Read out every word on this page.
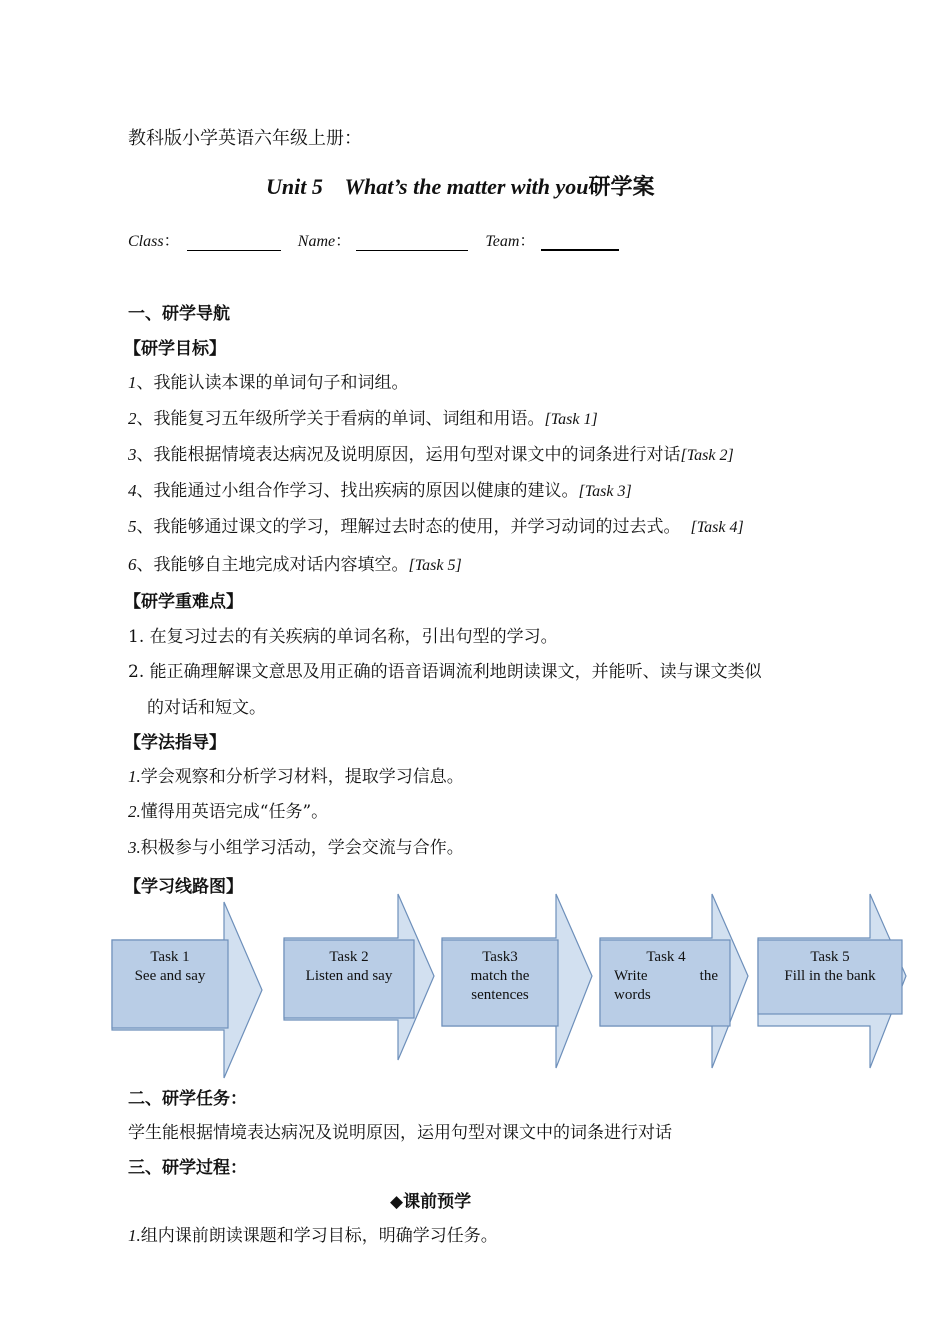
教科版小学英语六年级上册：
Unit 5    What’s the matter with you研学案
Class：	Name：	Team：
一、研学导航
【研学目标】
1、我能认读本课的单词句子和词组。
2、我能复习五年级所学关于看病的单词、词组和用语。[Task 1]
3、我能根据情境表达病况及说明原因，运用句型对课文中的词条进行对话[Task 2]
4、我能通过小组合作学习、找出疾病的原因以健康的建议。[Task 3]
5、我能够通过课文的学习，理解过去时态的使用，并学习动词的过去式。 [Task 4]
6、我能够自主地完成对话内容填空。[Task 5]
【研学重难点】
1. 在复习过去的有关疾病的单词名称，引出句型的学习。
2. 能正确理解课文意思及用正确的语音语调流利地朗读课文，并能听、读与课文类似
的对话和短文。
【学法指导】
1.学会观察和分析学习材料，提取学习信息。
2.懂得用英语完成“任务”。
3.积极参与小组学习活动，学会交流与合作。
【学习线路图】
Task 1
See and say
Task 2
Listen and say
Task3
match the
sentences
Task 4
Write the
words
Task 5
Fill in the bank
二、研学任务：
学生能根据情境表达病况及说明原因，运用句型对课文中的词条进行对话
三、研学过程：
◆课前预学
1.组内课前朗读课题和学习目标，明确学习任务。
